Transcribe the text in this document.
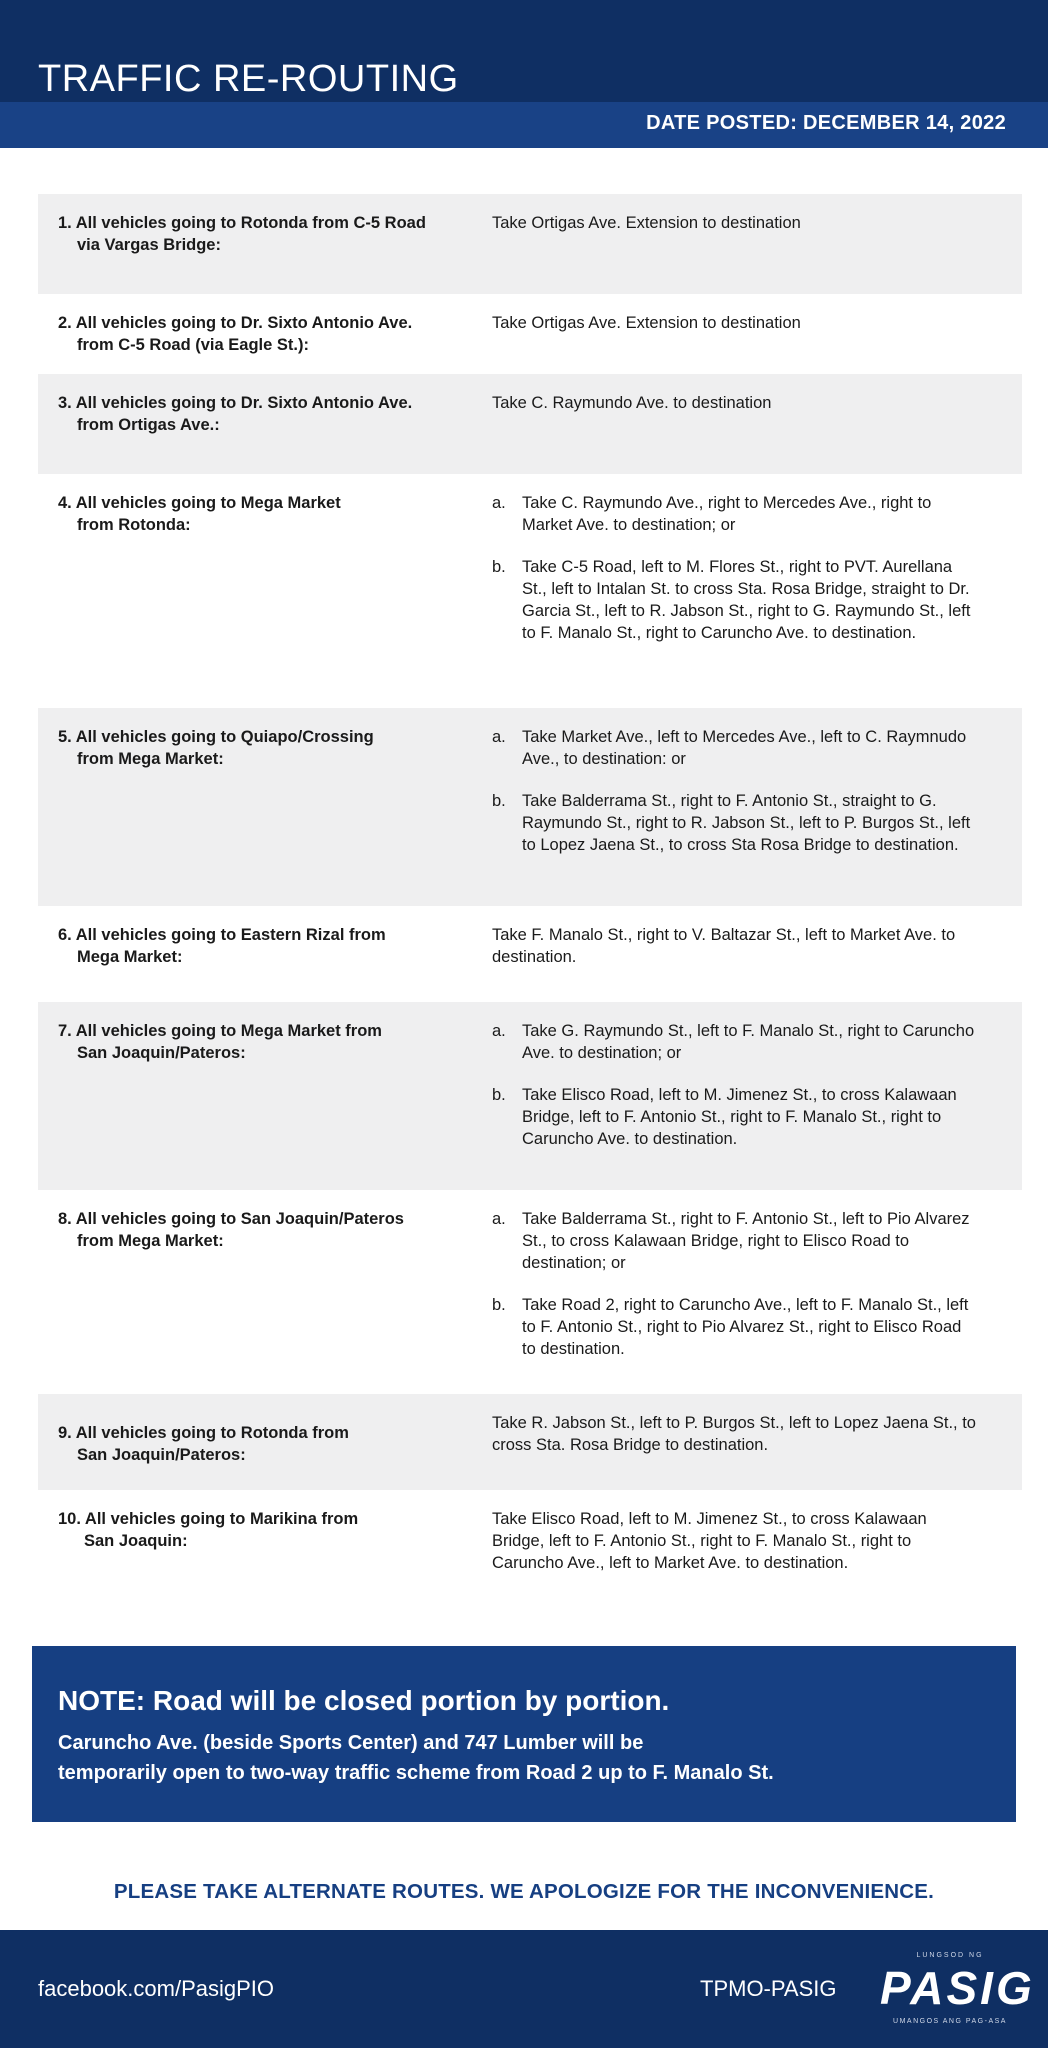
TRAFFIC RE-ROUTING
DATE POSTED: DECEMBER 14, 2022
1. All vehicles going to Rotonda from C-5 Road
via Vargas Bridge:
Take Ortigas Ave. Extension to destination
2. All vehicles going to Dr. Sixto Antonio Ave.
from C-5 Road (via Eagle St.):
Take Ortigas Ave. Extension to destination
3. All vehicles going to Dr. Sixto Antonio Ave.
from Ortigas Ave.:
Take C. Raymundo Ave. to destination
4. All vehicles going to Mega Market
from Rotonda:
a. Take C. Raymundo Ave., right to Mercedes Ave., right to Market Ave. to destination; or
b. Take C-5 Road, left to M. Flores St., right to PVT. Aurellana St., left to Intalan St. to cross Sta. Rosa Bridge, straight to Dr. Garcia St., left to R. Jabson St., right to G. Raymundo St., left to F. Manalo St., right to Caruncho Ave. to destination.
5. All vehicles going to Quiapo/Crossing
from Mega Market:
a. Take Market Ave., left to Mercedes Ave., left to C. Raymnudo Ave., to destination: or
b. Take Balderrama St., right to F. Antonio St., straight to G. Raymundo St., right to R. Jabson St., left to P. Burgos St., left to Lopez Jaena St., to cross Sta Rosa Bridge to destination.
6. All vehicles going to Eastern Rizal from
Mega Market:
Take F. Manalo St., right to V. Baltazar St., left to Market Ave. to destination.
7. All vehicles going to Mega Market from
San Joaquin/Pateros:
a. Take G. Raymundo St., left to F. Manalo St., right to Caruncho Ave. to destination; or
b. Take Elisco Road, left to M. Jimenez St., to cross Kalawaan Bridge, left to F. Antonio St., right to F. Manalo St., right to Caruncho Ave. to destination.
8. All vehicles going to San Joaquin/Pateros
from Mega Market:
a. Take Balderrama St., right to F. Antonio St., left to Pio Alvarez St., to cross Kalawaan Bridge, right to Elisco Road to destination; or
b. Take Road 2, right to Caruncho Ave., left to F. Manalo St., left to F. Antonio St., right to Pio Alvarez St., right to Elisco Road to destination.
9. All vehicles going to Rotonda from
San Joaquin/Pateros:
Take R. Jabson St., left to P. Burgos St., left to Lopez Jaena St., to cross Sta. Rosa Bridge to destination.
10. All vehicles going to Marikina from
San Joaquin:
Take Elisco Road, left to M. Jimenez St., to cross Kalawaan Bridge, left to F. Antonio St., right to F. Manalo St., right to Caruncho Ave., left to Market Ave. to destination.
NOTE: Road will be closed portion by portion.
Caruncho Ave. (beside Sports Center) and 747 Lumber will be
temporarily open to two-way traffic scheme from Road 2 up to F. Manalo St.
PLEASE TAKE ALTERNATE ROUTES. WE APOLOGIZE FOR THE INCONVENIENCE.
facebook.com/PasigPIO	TPMO-PASIG
LUNGSOD NG
PASIG
UMANGOS ANG PAG-ASA
